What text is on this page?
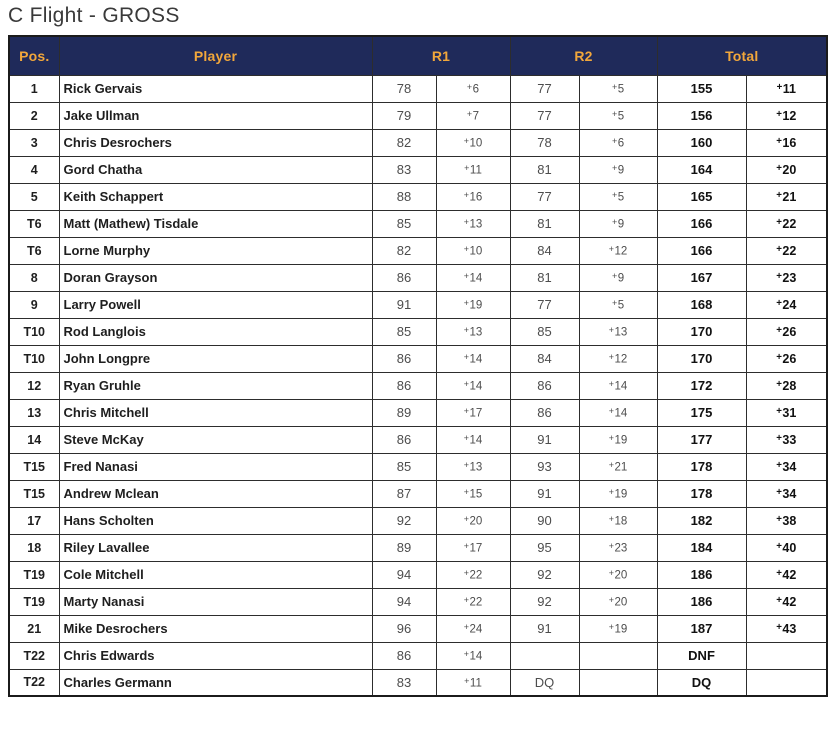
C Flight - GROSS
Pos.	Player	R1		R2		Total	
1	Rick Gervais	78	+6	77	+5	155	+11
2	Jake Ullman	79	+7	77	+5	156	+12
3	Chris Desrochers	82	+10	78	+6	160	+16
4	Gord Chatha	83	+11	81	+9	164	+20
5	Keith Schappert	88	+16	77	+5	165	+21
T6	Matt (Mathew) Tisdale	85	+13	81	+9	166	+22
T6	Lorne Murphy	82	+10	84	+12	166	+22
8	Doran Grayson	86	+14	81	+9	167	+23
9	Larry Powell	91	+19	77	+5	168	+24
T10	Rod Langlois	85	+13	85	+13	170	+26
T10	John Longpre	86	+14	84	+12	170	+26
12	Ryan Gruhle	86	+14	86	+14	172	+28
13	Chris Mitchell	89	+17	86	+14	175	+31
14	Steve McKay	86	+14	91	+19	177	+33
T15	Fred Nanasi	85	+13	93	+21	178	+34
T15	Andrew Mclean	87	+15	91	+19	178	+34
17	Hans Scholten	92	+20	90	+18	182	+38
18	Riley Lavallee	89	+17	95	+23	184	+40
T19	Cole Mitchell	94	+22	92	+20	186	+42
T19	Marty Nanasi	94	+22	92	+20	186	+42
21	Mike Desrochers	96	+24	91	+19	187	+43
T22	Chris Edwards	86	+14			DNF	
T22	Charles Germann	83	+11	DQ		DQ	
